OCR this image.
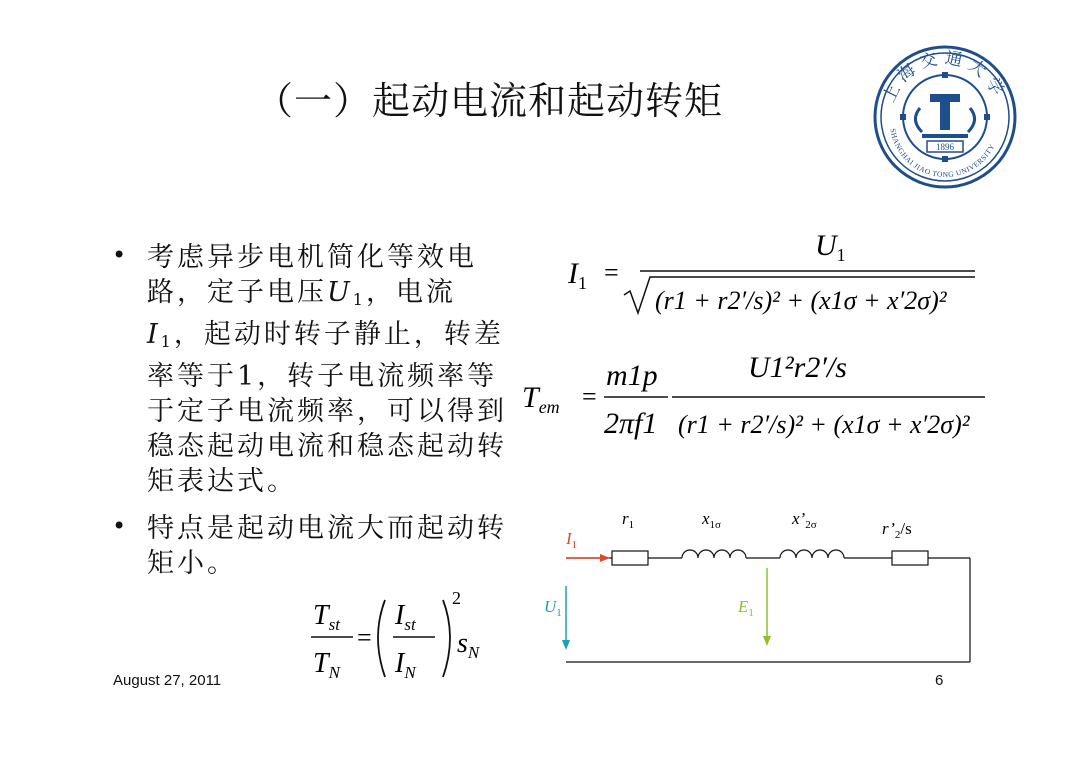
（一）起动电流和起动转矩	上海交通大学
SHANGHAI JIAO TONG UNIVERSITY
1896
• 考虑异步电机简化等效电路，定子电压$U_1$，电流$I_1$，起动时转子静止，转差率等于1，转子电流频率等于定子电流频率，可以得到稳态起动电流和稳态起动转矩表达式。
• 特点是起动电流大而起动转矩小。
$I_1$ =
$U_1$
(r1 + r2′/s)² + (x1σ + x′2σ)²
$T_{em}$ =
m1p
2πf1
U1²r2′/s
(r1 + r2′/s)² + (x1σ + x′2σ)²
$T_{st}$
$T_N$
$I_{st}$
$I_N$
$s_N$
=
2
$I_1$
$U_1$	$E_1$
$r_1$	$x_{1\sigma}$	$x’_{2\sigma}$	$r’_2/s$
August 27, 2011	6
